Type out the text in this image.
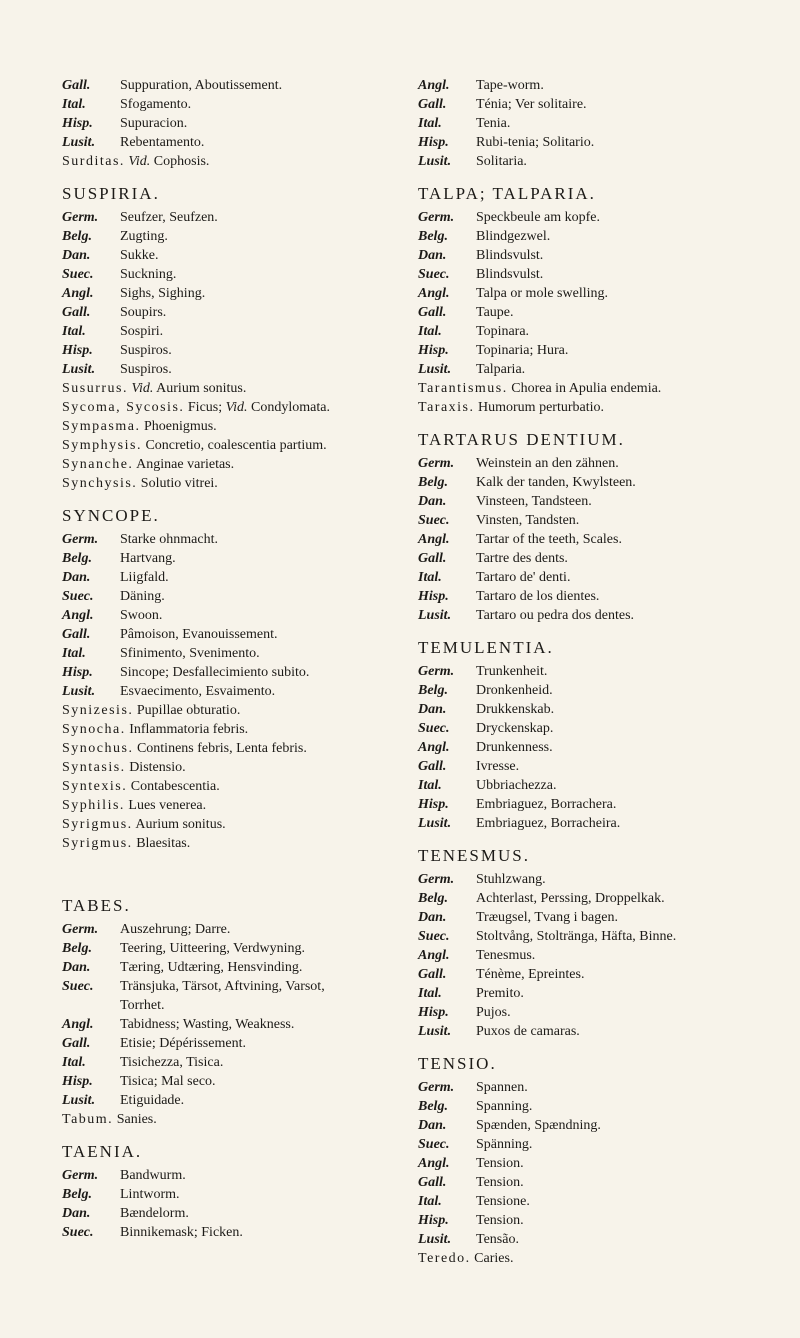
Gall.	Suppuration, Aboutissement.
Ital.	Sfogamento.
Hisp.	Supuracion.
Lusit.	Rebentamento.
Surditas. Vid. Cophosis.
SUSPIRIA.
Germ.	Seufzer, Seufzen.
Belg.	Zugting.
Dan.	Sukke.
Suec.	Suckning.
Angl.	Sighs, Sighing.
Gall.	Soupirs.
Ital.	Sospiri.
Hisp.	Suspiros.
Lusit.	Suspiros.
Susurrus. Vid. Aurium sonitus.
Sycoma, Sycosis. Ficus; Vid. Condylomata.
Sympasma. Phoenigmus.
Symphysis. Concretio, coalescentia partium.
Synanche. Anginae varietas.
Synchysis. Solutio vitrei.
SYNCOPE.
Germ.	Starke ohnmacht.
Belg.	Hartvang.
Dan.	Liigfald.
Suec.	Däning.
Angl.	Swoon.
Gall.	Pâmoison, Evanouissement.
Ital.	Sfinimento, Svenimento.
Hisp.	Sincope; Desfallecimiento subito.
Lusit.	Esvaecimento, Esvaimento.
Synizesis. Pupillae obturatio.
Synocha. Inflammatoria febris.
Synochus. Continens febris, Lenta febris.
Syntasis. Distensio.
Syntexis. Contabescentia.
Syphilis. Lues venerea.
Syrigmus. Aurium sonitus.
Syrigmus. Blaesitas.
TABES.
Germ.	Auszehrung; Darre.
Belg.	Teering, Uitteering, Verdwyning.
Dan.	Tæring, Udtæring, Hensvinding.
Suec.	Tränsjuka, Tärsot, Aftvining, Varsot,
Torrhet.
Angl.	Tabidness; Wasting, Weakness.
Gall.	Etisie; Dépérissement.
Ital.	Tisichezza, Tisica.
Hisp.	Tisica; Mal seco.
Lusit.	Etiguidade.
Tabum. Sanies.
TAENIA.
Germ.	Bandwurm.
Belg.	Lintworm.
Dan.	Bændelorm.
Suec.	Binnikemask; Ficken.
Angl.	Tape-worm.
Gall.	Ténia; Ver solitaire.
Ital.	Tenia.
Hisp.	Rubi-tenia; Solitario.
Lusit.	Solitaria.
TALPA; TALPARIA.
Germ.	Speckbeule am kopfe.
Belg.	Blindgezwel.
Dan.	Blindsvulst.
Suec.	Blindsvulst.
Angl.	Talpa or mole swelling.
Gall.	Taupe.
Ital.	Topinara.
Hisp.	Topinaria; Hura.
Lusit.	Talparia.
Tarantismus. Chorea in Apulia endemia.
Taraxis. Humorum perturbatio.
TARTARUS DENTIUM.
Germ.	Weinstein an den zähnen.
Belg.	Kalk der tanden, Kwylsteen.
Dan.	Vinsteen, Tandsteen.
Suec.	Vinsten, Tandsten.
Angl.	Tartar of the teeth, Scales.
Gall.	Tartre des dents.
Ital.	Tartaro de' denti.
Hisp.	Tartaro de los dientes.
Lusit.	Tartaro ou pedra dos dentes.
TEMULENTIA.
Germ.	Trunkenheit.
Belg.	Dronkenheid.
Dan.	Drukkenskab.
Suec.	Dryckenskap.
Angl.	Drunkenness.
Gall.	Ivresse.
Ital.	Ubbriachezza.
Hisp.	Embriaguez, Borrachera.
Lusit.	Embriaguez, Borracheira.
TENESMUS.
Germ.	Stuhlzwang.
Belg.	Achterlast, Perssing, Droppelkak.
Dan.	Træugsel, Tvang i bagen.
Suec.	Stoltvång, Stoltränga, Häfta, Binne.
Angl.	Tenesmus.
Gall.	Ténème, Epreintes.
Ital.	Premito.
Hisp.	Pujos.
Lusit.	Puxos de camaras.
TENSIO.
Germ.	Spannen.
Belg.	Spanning.
Dan.	Spænden, Spændning.
Suec.	Spänning.
Angl.	Tension.
Gall.	Tension.
Ital.	Tensione.
Hisp.	Tension.
Lusit.	Tensão.
Teredo. Caries.
